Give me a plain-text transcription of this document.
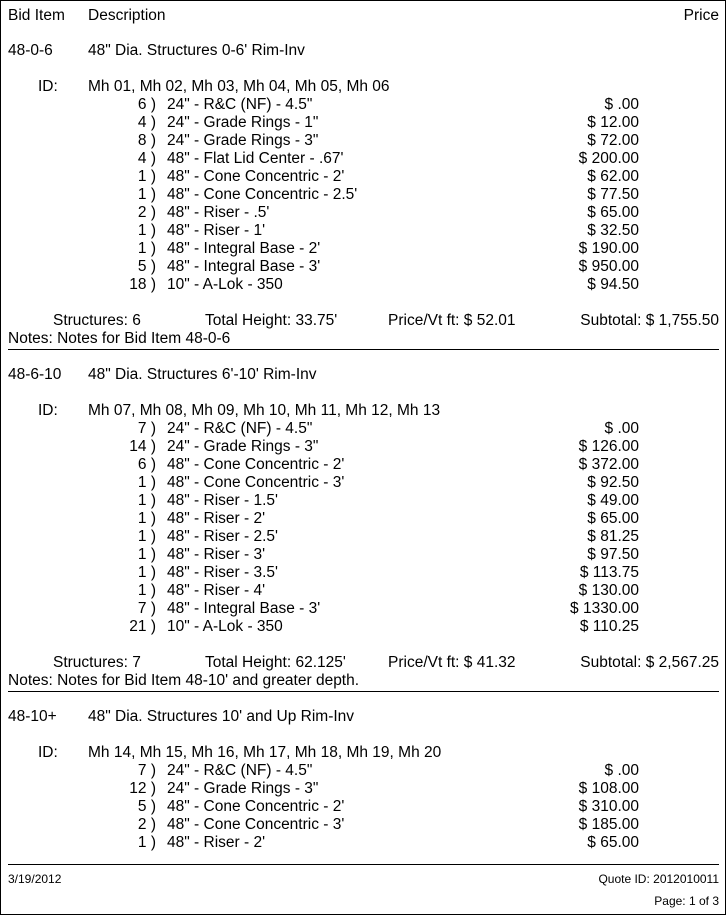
Bid Item Description	Price
48-0-6 48" Dia. Structures 0-6' Rim-Inv
ID: Mh 01, Mh 02, Mh 03, Mh 04, Mh 05, Mh 06
6 ) 24" - R&C (NF) - 4.5"	$ .00
4 ) 24" - Grade Rings - 1"	$ 12.00
8 ) 24" - Grade Rings - 3"	$ 72.00
4 ) 48" - Flat Lid Center - .67'	$ 200.00
1 ) 48" - Cone Concentric - 2'	$ 62.00
1 ) 48" - Cone Concentric - 2.5'	$ 77.50
2 ) 48" - Riser - .5'	$ 65.00
1 ) 48" - Riser - 1'	$ 32.50
1 ) 48" - Integral Base - 2'	$ 190.00
5 ) 48" - Integral Base - 3'	$ 950.00
18 ) 10" - A-Lok - 350	$ 94.50
Structures: 6	Total Height: 33.75'	Price/Vt ft: $ 52.01	Subtotal: $ 1,755.50
Notes: Notes for Bid Item 48-0-6
48-6-10 48" Dia. Structures 6'-10' Rim-Inv
ID: Mh 07, Mh 08, Mh 09, Mh 10, Mh 11, Mh 12, Mh 13
7 ) 24" - R&C (NF) - 4.5"	$ .00
14 ) 24" - Grade Rings - 3"	$ 126.00
6 ) 48" - Cone Concentric - 2'	$ 372.00
1 ) 48" - Cone Concentric - 3'	$ 92.50
1 ) 48" - Riser - 1.5'	$ 49.00
1 ) 48" - Riser - 2'	$ 65.00
1 ) 48" - Riser - 2.5'	$ 81.25
1 ) 48" - Riser - 3'	$ 97.50
1 ) 48" - Riser - 3.5'	$ 113.75
1 ) 48" - Riser - 4'	$ 130.00
7 ) 48" - Integral Base - 3'	$ 1330.00
21 ) 10" - A-Lok - 350	$ 110.25
Structures: 7	Total Height: 62.125'	Price/Vt ft: $ 41.32	Subtotal: $ 2,567.25
Notes: Notes for Bid Item 48-10' and greater depth.
48-10+ 48" Dia. Structures 10' and Up Rim-Inv
ID: Mh 14, Mh 15, Mh 16, Mh 17, Mh 18, Mh 19, Mh 20
7 ) 24" - R&C (NF) - 4.5"	$ .00
12 ) 24" - Grade Rings - 3"	$ 108.00
5 ) 48" - Cone Concentric - 2'	$ 310.00
2 ) 48" - Cone Concentric - 3'	$ 185.00
1 ) 48" - Riser - 2'	$ 65.00
3/19/2012	Quote ID: 2012010011
Page: 1 of 3
